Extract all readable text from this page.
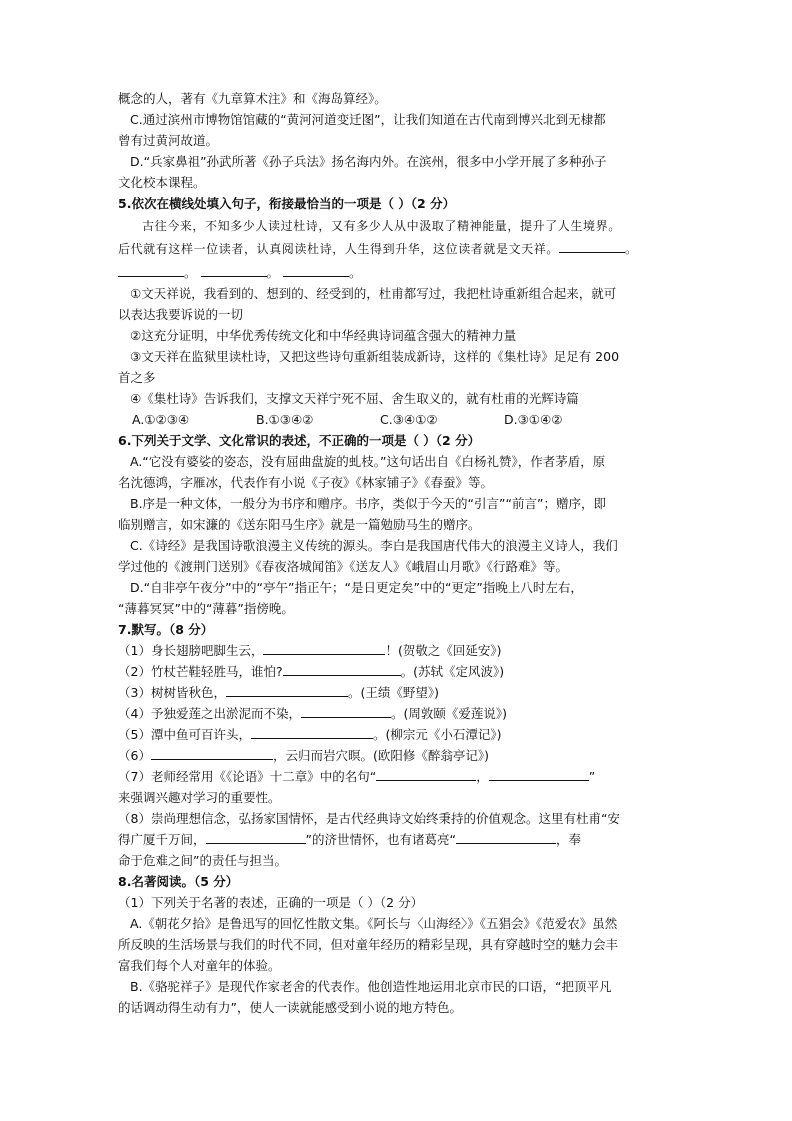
概念的人，著有《九章算术注》和《海岛算经》。

C.通过滨州市博物馆馆藏的“黄河河道变迁图”，让我们知道在古代南到博兴北到无棣都

曾有过黄河故道。

D.“兵家鼻祖”孙武所著《孙子兵法》扬名海内外。在滨州，很多中小学开展了多种孙子

文化校本课程。

5.依次在横线处填入句子，衔接最恰当的一项是（ ）（2 分）

古往今来，不知多少人读过杜诗，又有多少人从中汲取了精神能量，提升了人生境界。

后代就有这样一位读者，认真阅读杜诗，人生得到升华，这位读者就是文天祥。	。

。	。	。

①文天祥说，我看到的、想到的、经受到的，杜甫都写过，我把杜诗重新组合起来，就可

以表达我要诉说的一切

②这充分证明，中华优秀传统文化和中华经典诗词蕴含强大的精神力量

③文天祥在监狱里读杜诗，又把这些诗句重新组装成新诗，这样的《集杜诗》足足有 200

首之多

④《集杜诗》告诉我们，支撑文天祥宁死不屈、舍生取义的，就有杜甫的光辉诗篇

A.①②③④	B.①③④②	C.③④①②	D.③①④②

6.下列关于文学、文化常识的表述，不正确的一项是（ ）（2 分）

A.“它没有婆娑的姿态，没有屈曲盘旋的虬枝。”这句话出自《白杨礼赞》，作者茅盾，原

名沈德鸿，字雁冰，代表作有小说《子夜》《林家铺子》《春蚕》等。

B.序是一种文体，一般分为书序和赠序。书序，类似于今天的“引言”“前言”；赠序，即

临别赠言，如宋濂的《送东阳马生序》就是一篇勉励马生的赠序。

C.《诗经》是我国诗歌浪漫主义传统的源头。李白是我国唐代伟大的浪漫主义诗人，我们

学过他的《渡荆门送别》《春夜洛城闻笛》《送友人》《峨眉山月歌》《行路难》等。

D.“自非亭午夜分”中的“亭午”指正午；“是日更定矣”中的“更定”指晚上八时左右，

“薄暮冥冥”中的“薄暮”指傍晚。

7.默写。（8 分）

（1）身长翅膀吧脚生云，	！(贺敬之《回延安》)

（2）竹杖芒鞋轻胜马，谁怕?	。(苏轼《定风波》)

（3）树树皆秋色，	。(王绩《野望》)

（4）予独爱莲之出淤泥而不染，	。(周敦颐《爱莲说》)

（5）潭中鱼可百许头，	。(柳宗元《小石潭记》)

（6）	，云归而岩穴暝。(欧阳修《醉翁亭记》)

（7）老师经常用《《论语》十二章》中的名句“	，	”

来强调兴趣对学习的重要性。

（8）崇尚理想信念，弘扬家国情怀，是古代经典诗文始终秉持的价值观念。这里有杜甫“安

得广厦千万间，	”的济世情怀，也有诸葛亮“	，奉

命于危难之间”的责任与担当。

8.名著阅读。（5 分）

（1）下列关于名著的表述，正确的一项是（ ）（2 分）

A.《朝花夕拾》是鲁迅写的回忆性散文集。《阿长与〈山海经〉》《五猖会》《范爱农》虽然

所反映的生活场景与我们的时代不同，但对童年经历的精彩呈现，具有穿越时空的魅力会丰

富我们每个人对童年的体验。

B.《骆驼祥子》是现代作家老舍的代表作。他创造性地运用北京市民的口语，“把顶平凡

的话调动得生动有力”，使人一读就能感受到小说的地方特色。
